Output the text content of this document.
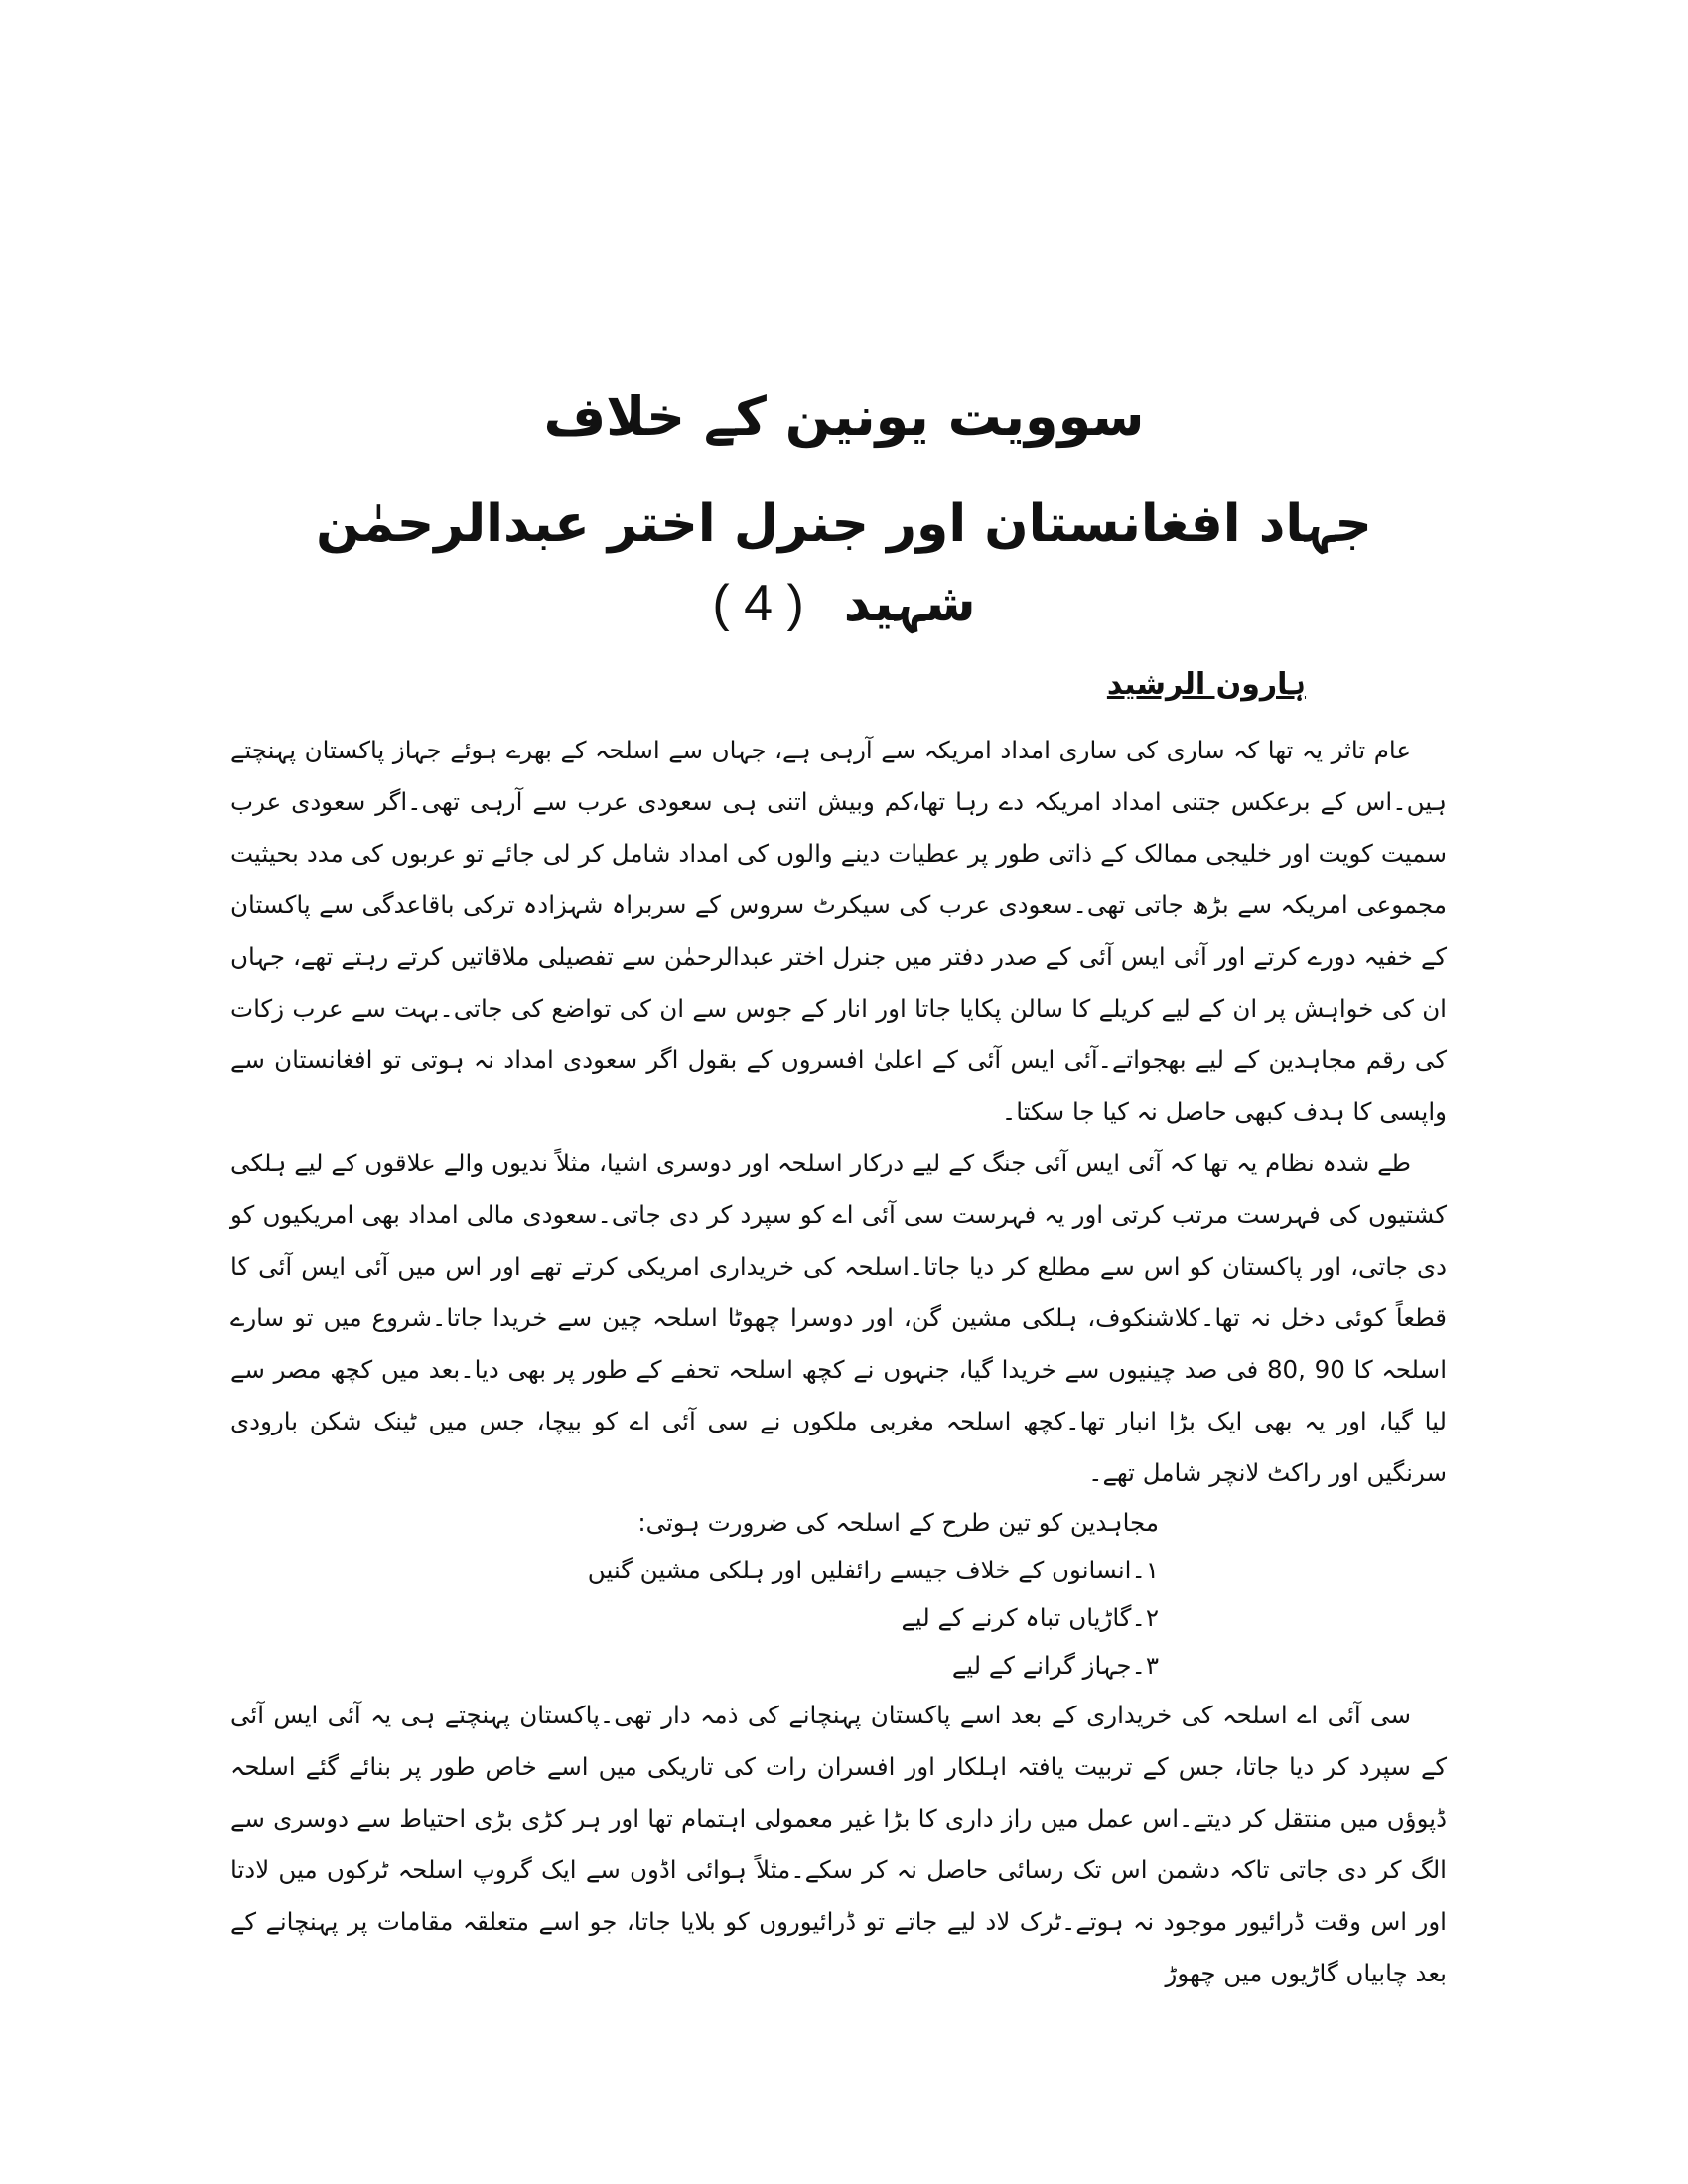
سوویت یونین کے خلاف
جہاد افغانستان اور جنرل اختر عبدالرحمٰن شہید( 4 )
ہارون الرشید

عام تاثر یہ تھا کہ ساری کی ساری امداد امریکہ سے آرہی ہے، جہاں سے اسلحہ کے بھرے ہوئے جہاز پاکستان پہنچتے ہیں۔اس کے برعکس جتنی امداد امریکہ دے رہا تھا،کم وبیش اتنی ہی سعودی عرب سے آرہی تھی۔اگر سعودی عرب سمیت کویت اور خلیجی ممالک کے ذاتی طور پر عطیات دینے والوں کی امداد شامل کر لی جائے تو عربوں کی مدد بحیثیت مجموعی امریکہ سے بڑھ جاتی تھی۔سعودی عرب کی سیکرٹ سروس کے سربراہ شہزادہ ترکی باقاعدگی سے پاکستان کے خفیہ دورے کرتے اور آئی ایس آئی کے صدر دفتر میں جنرل اختر عبدالرحمٰن سے تفصیلی ملاقاتیں کرتے رہتے تھے، جہاں ان کی خواہش پر ان کے لیے کریلے کا سالن پکایا جاتا اور انار کے جوس سے ان کی تواضع کی جاتی۔بہت سے عرب زکات کی رقم مجاہدین کے لیے بھجواتے۔آئی ایس آئی کے اعلیٰ افسروں کے بقول اگر سعودی امداد نہ ہوتی تو افغانستان سے واپسی کا ہدف کبھی حاصل نہ کیا جا سکتا۔

طے شدہ نظام یہ تھا کہ آئی ایس آئی جنگ کے لیے درکار اسلحہ اور دوسری اشیا، مثلاً ندیوں والے علاقوں کے لیے ہلکی کشتیوں کی فہرست مرتب کرتی اور یہ فہرست سی آئی اے کو سپرد کر دی جاتی۔سعودی مالی امداد بھی امریکیوں کو دی جاتی، اور پاکستان کو اس سے مطلع کر دیا جاتا۔اسلحہ کی خریداری امریکی کرتے تھے اور اس میں آئی ایس آئی کا قطعاً کوئی دخل نہ تھا۔کلاشنکوف، ہلکی مشین گن، اور دوسرا چھوٹا اسلحہ چین سے خریدا جاتا۔شروع میں تو سارے اسلحہ کا 90 ,80 فی صد چینیوں سے خریدا گیا، جنہوں نے کچھ اسلحہ تحفے کے طور پر بھی دیا۔بعد میں کچھ مصر سے لیا گیا، اور یہ بھی ایک بڑا انبار تھا۔کچھ اسلحہ مغربی ملکوں نے سی آئی اے کو بیچا، جس میں ٹینک شکن بارودی سرنگیں اور راکٹ لانچر شامل تھے۔

مجاہدین کو تین طرح کے اسلحہ کی ضرورت ہوتی:
۱۔انسانوں کے خلاف جیسے رائفلیں اور ہلکی مشین گنیں
۲۔گاڑیاں تباہ کرنے کے لیے
۳۔جہاز گرانے کے لیے

سی آئی اے اسلحہ کی خریداری کے بعد اسے پاکستان پہنچانے کی ذمہ دار تھی۔پاکستان پہنچتے ہی یہ آئی ایس آئی کے سپرد کر دیا جاتا، جس کے تربیت یافتہ اہلکار اور افسران رات کی تاریکی میں اسے خاص طور پر بنائے گئے اسلحہ ڈپوؤں میں منتقل کر دیتے۔اس عمل میں راز داری کا بڑا غیر معمولی اہتمام تھا اور ہر کڑی بڑی احتیاط سے دوسری سے الگ کر دی جاتی تاکہ دشمن اس تک رسائی حاصل نہ کر سکے۔مثلاً ہوائی اڈوں سے ایک گروپ اسلحہ ٹرکوں میں لادتا اور اس وقت ڈرائیور موجود نہ ہوتے۔ٹرک لاد لیے جاتے تو ڈرائیوروں کو بلایا جاتا، جو اسے متعلقہ مقامات پر پہنچانے کے بعد چابیاں گاڑیوں میں چھوڑ
